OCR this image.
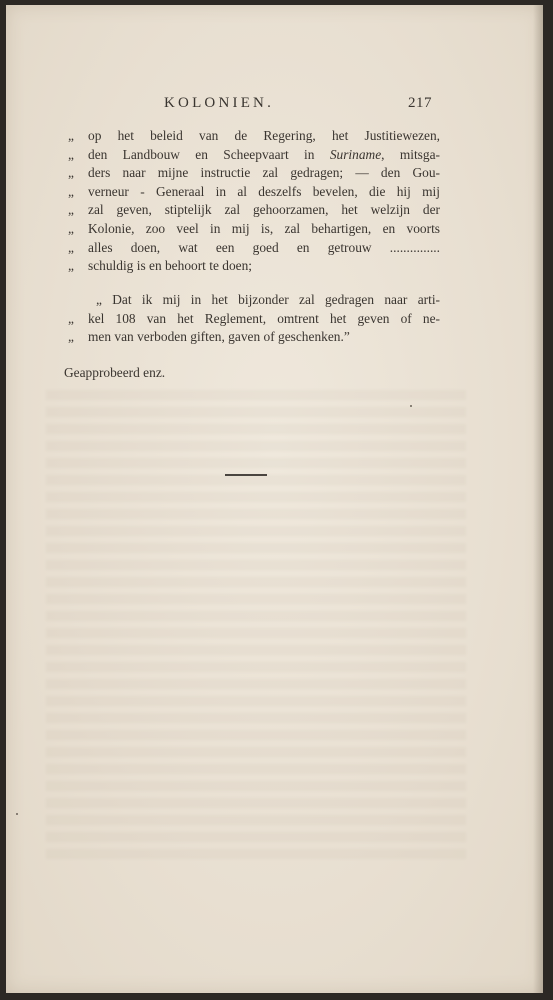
KOLONIEN.	217
„	op het beleid van de Regering, het Justitiewezen,
„	den Landbouw en Scheepvaart in Suriname, mitsga-
„	ders naar mijne instructie zal gedragen; — den Gou-
„	verneur - Generaal in al deszelfs bevelen, die hij mij
„	zal geven, stiptelijk zal gehoorzamen, het welzijn der
„	Kolonie, zoo veel in mij is, zal behartigen, en voorts
„	alles doen, wat een goed en getrouw ...............
„	schuldig is en behoort te doen;
„ Dat ik mij in het bijzonder zal gedragen naar arti-
„	kel 108 van het Reglement, omtrent het geven of ne-
„	men van verboden giften, gaven of geschenken.”
Geapprobeerd enz.
